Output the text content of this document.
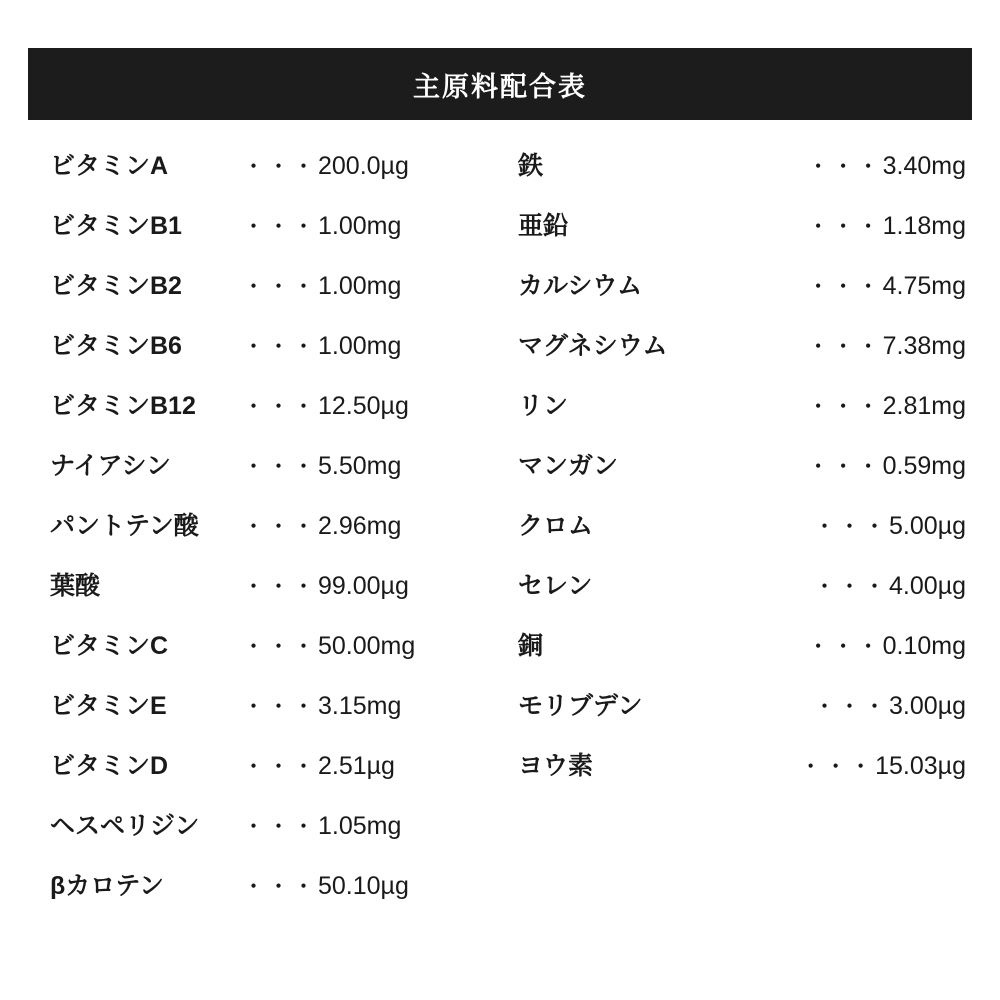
主原料配合表
ビタミンA	・・・ 200.0µg
ビタミンB1	・・・ 1.00mg
ビタミンB2	・・・ 1.00mg
ビタミンB6	・・・ 1.00mg
ビタミンB12	・・・ 12.50µg
ナイアシン	・・・ 5.50mg
パントテン酸	・・・ 2.96mg
葉酸	・・・ 99.00µg
ビタミンC	・・・ 50.00mg
ビタミンE	・・・ 3.15mg
ビタミンD	・・・ 2.51µg
ヘスペリジン	・・・ 1.05mg
βカロテン	・・・ 50.10µg
鉄	・・・ 3.40mg
亜鉛	・・・ 1.18mg
カルシウム	・・・ 4.75mg
マグネシウム	・・・ 7.38mg
リン	・・・ 2.81mg
マンガン	・・・ 0.59mg
クロム	・・・ 5.00µg
セレン	・・・ 4.00µg
銅	・・・ 0.10mg
モリブデン	・・・ 3.00µg
ヨウ素	・・・ 15.03µg
